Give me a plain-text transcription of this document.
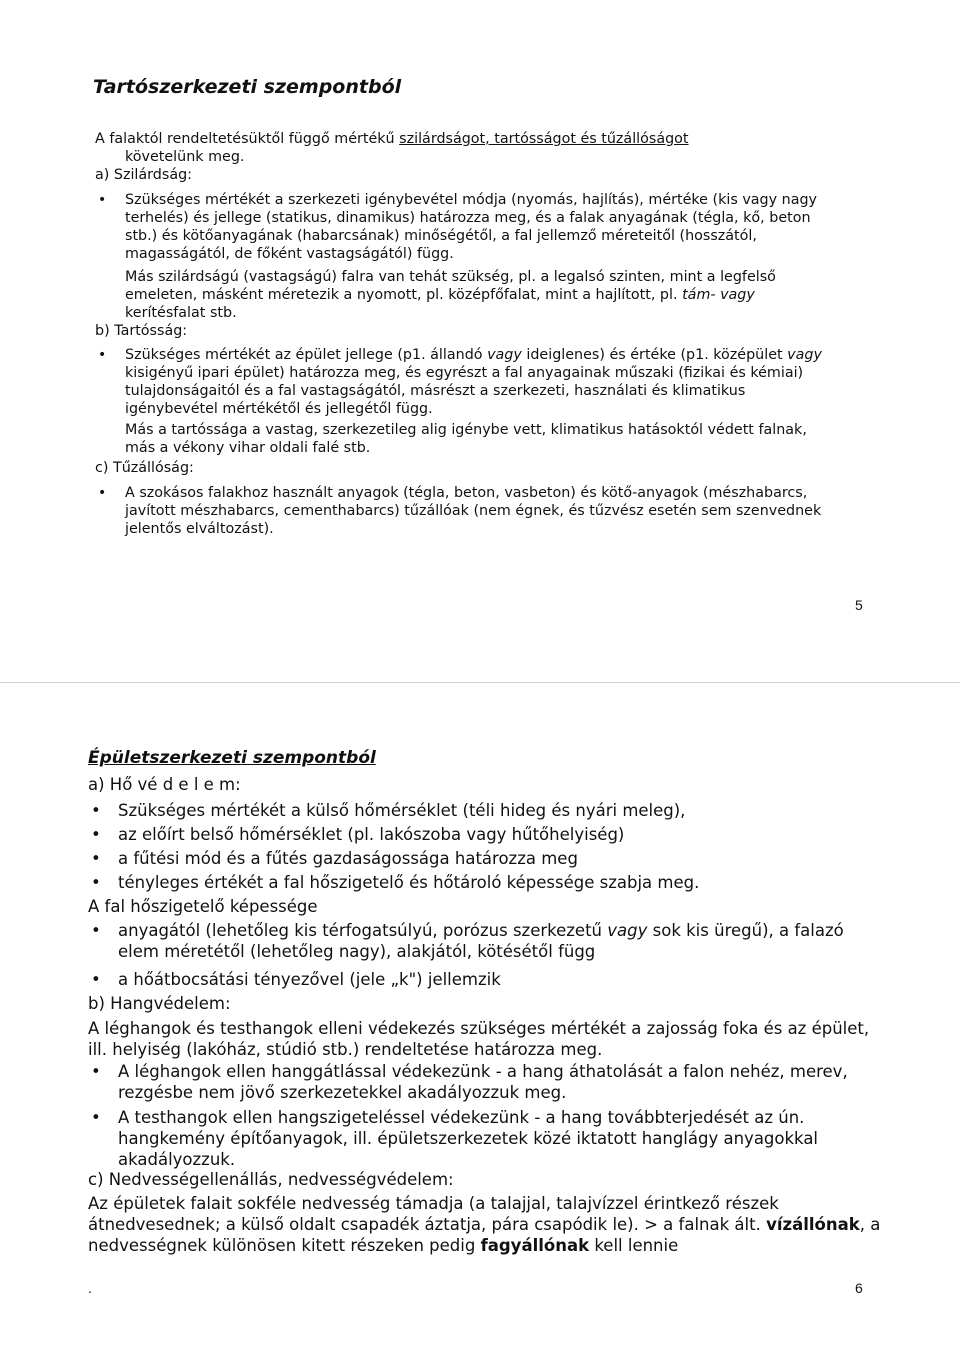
Tartószerkezeti szempontból
A falaktól rendeltetésüktől függő mértékű szilárdságot, tartósságot és tűzállóságot
követelünk meg.
a) Szilárdság:
• Szükséges mértékét a szerkezeti igénybevétel módja (nyomás, hajlítás), mértéke (kis vagy nagy terhelés) és jellege (statikus, dinamikus) határozza meg, és a falak anyagának (tégla, kő, beton stb.) és kötőanyagának (habarcsának) minőségétől, a fal jellemző méreteitől (hosszától, magasságától, de főként vastagságától) függ.
Más szilárdságú (vastagságú) falra van tehát szükség, pl. a legalsó szinten, mint a legfelső emeleten, másként méretezik a nyomott, pl. középfőfalat, mint a hajlított, pl. tám- vagy kerítésfalat stb.
b) Tartósság:
• Szükséges mértékét az épület jellege (p1. állandó vagy ideiglenes) és értéke (p1. középület vagy kisigényű ipari épület) határozza meg, és egyrészt a fal anyagainak műszaki (fizikai és kémiai) tulajdonságaitól és a fal vastagságától, másrészt a szerkezeti, használati és klimatikus igénybevétel mértékétől és jellegétől függ.
Más a tartóssága a vastag, szerkezetileg alig igénybe vett, klimatikus hatásoktól védett falnak, más a vékony vihar oldali falé stb.
c) Tűzállóság:
• A szokásos falakhoz használt anyagok (tégla, beton, vasbeton) és kötő-anyagok (mészhabarcs, javított mészhabarcs, cementhabarcs) tűzállóak (nem égnek, és tűzvész esetén sem szenvednek jelentős elváltozást).
5
Épületszerkezeti szempontból
a) Hő vé d e l e m:
• Szükséges mértékét a külső hőmérséklet (téli hideg és nyári meleg),
• az előírt belső hőmérséklet (pl. lakószoba vagy hűtőhelyiség)
• a fűtési mód és a fűtés gazdaságossága határozza meg
• tényleges értékét a fal hőszigetelő és hőtároló képessége szabja meg.
A fal hőszigetelő képessége
• anyagától (lehetőleg kis térfogatsúlyú, porózus szerkezetű vagy sok kis üregű), a falazó elem méretétől (lehetőleg nagy), alakjától, kötésétől függ
• a hőátbocsátási tényezővel (jele „k") jellemzik
b) Hangvédelem:
A léghangok és testhangok elleni védekezés szükséges mértékét a zajosság foka és az épület, ill. helyiség (lakóház, stúdió stb.) rendeltetése határozza meg.
• A léghangok ellen hanggátlással védekezünk - a hang áthatolását a falon nehéz, merev, rezgésbe nem jövő szerkezetekkel akadályozzuk meg.
• A testhangok ellen hangszigeteléssel védekezünk - a hang továbbterjedését az ún. hangkemény építőanyagok, ill. épületszerkezetek közé iktatott hanglágy anyagokkal akadályozzuk.
c) Nedvességellenállás, nedvességvédelem:
Az épületek falait sokféle nedvesség támadja (a talajjal, talajvízzel érintkező részek átnedvesednek; a külső oldalt csapadék áztatja, pára csapódik le). > a falnak ált. vízállónak, a nedvességnek különösen kitett részeken pedig fagyállónak kell lennie
.	6
